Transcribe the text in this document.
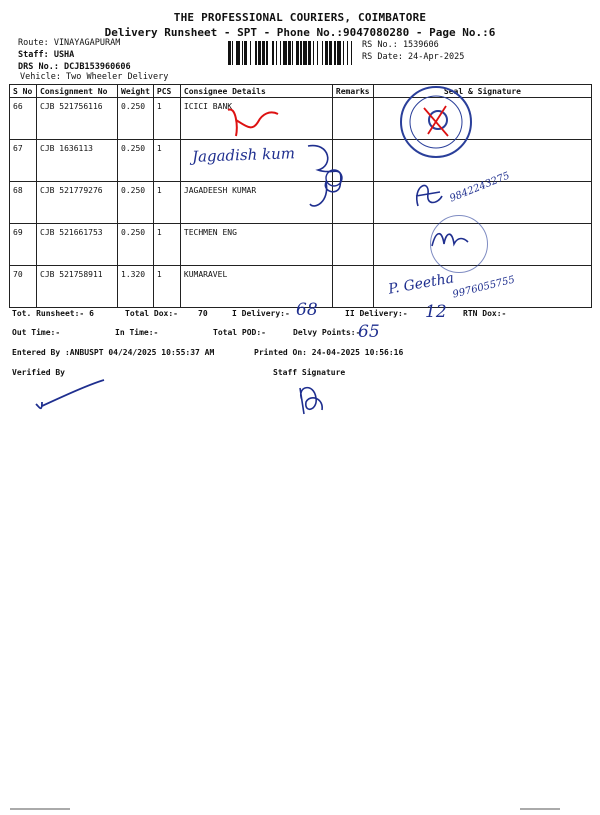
THE PROFESSIONAL COURIERS, COIMBATORE
Delivery Runsheet - SPT - Phone No.:9047080280 - Page No.:6
Route: VINAYAGAPURAM
Staff: USHA
DRS No.: DCJB153960606
Vehicle: Two Wheeler Delivery
RS No.: 1539606
RS Date: 24-Apr-2025
S No	Consignment No	Weight	PCS	Consignee Details	Remarks	Seal & Signature
66	CJB 521756116	0.250	1	ICICI BANK		
67	CJB 1636113	0.250	1			
68	CJB 521779276	0.250	1	JAGADEESH KUMAR		
69	CJB 521661753	0.250	1	TECHMEN ENG		
70	CJB 521758911	1.320	1	KUMARAVEL		
Tot. Runsheet:- 6	Total Dox:-	70	I Delivery:-	II Delivery:-	RTN Dox:-
Out Time:-	In Time:-	Total POD:-	Delvy Points:-
Entered By :ANBUSPT 04/24/2025 10:55:37 AM	Printed On: 24-04-2025 10:56:16
Verified By	Staff Signature
68	12
65
Jagadish kum
9842243275
P. Geetha
9976055755
